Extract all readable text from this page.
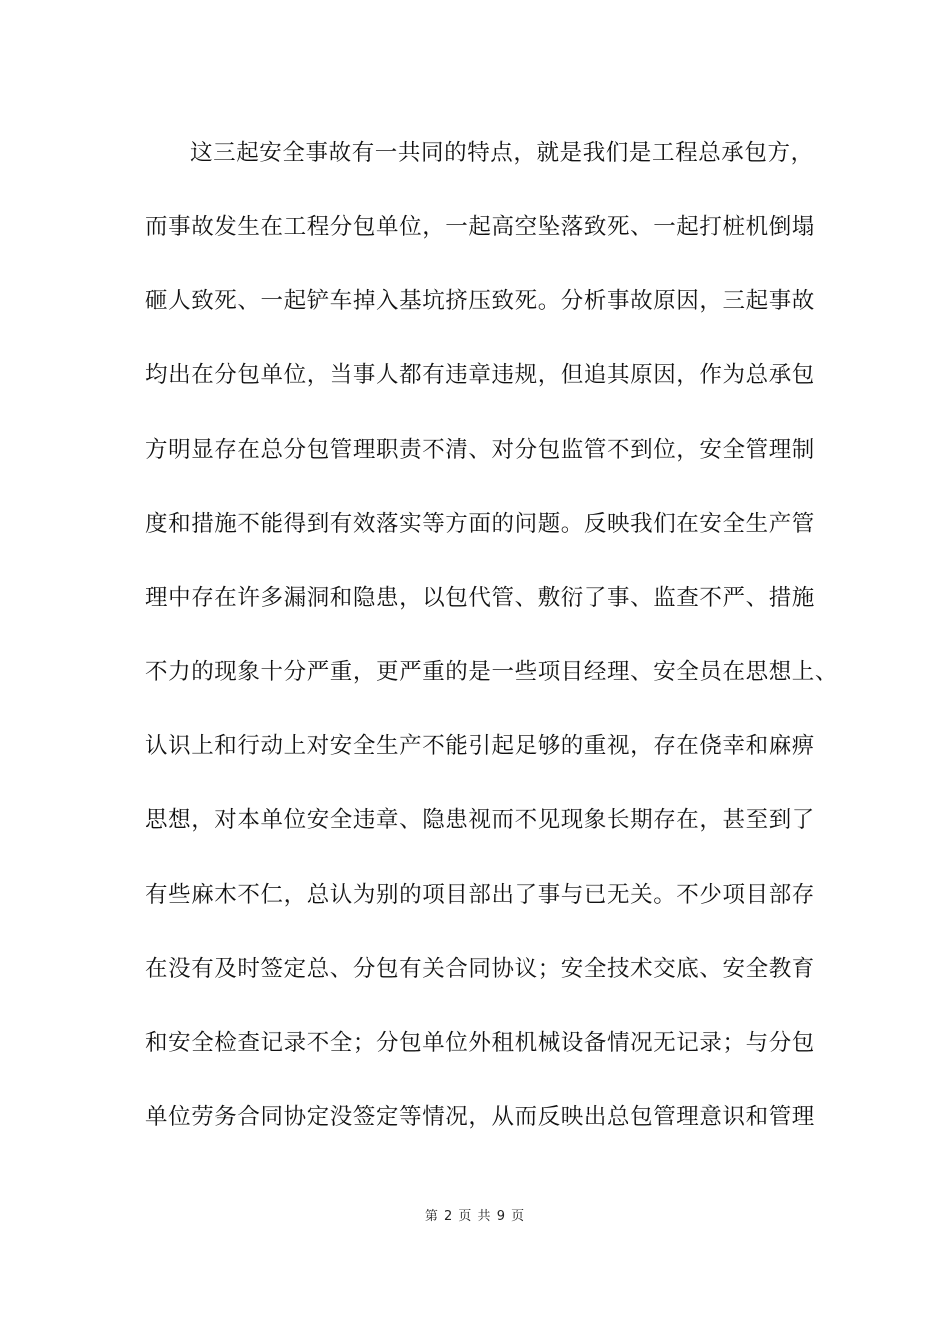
这三起安全事故有一共同的特点，就是我们是工程总承包方，
而事故发生在工程分包单位，一起高空坠落致死、一起打桩机倒塌
砸人致死、一起铲车掉入基坑挤压致死。分析事故原因，三起事故
均出在分包单位，当事人都有违章违规，但追其原因，作为总承包
方明显存在总分包管理职责不清、对分包监管不到位，安全管理制
度和措施不能得到有效落实等方面的问题。反映我们在安全生产管
理中存在许多漏洞和隐患，以包代管、敷衍了事、监查不严、措施
不力的现象十分严重，更严重的是一些项目经理、安全员在思想上、
认识上和行动上对安全生产不能引起足够的重视，存在侥幸和麻痹
思想，对本单位安全违章、隐患视而不见现象长期存在，甚至到了
有些麻木不仁，总认为别的项目部出了事与已无关。不少项目部存
在没有及时签定总、分包有关合同协议；安全技术交底、安全教育
和安全检查记录不全；分包单位外租机械设备情况无记录；与分包
单位劳务合同协定没签定等情况，从而反映出总包管理意识和管理
第 2 页 共 9 页
